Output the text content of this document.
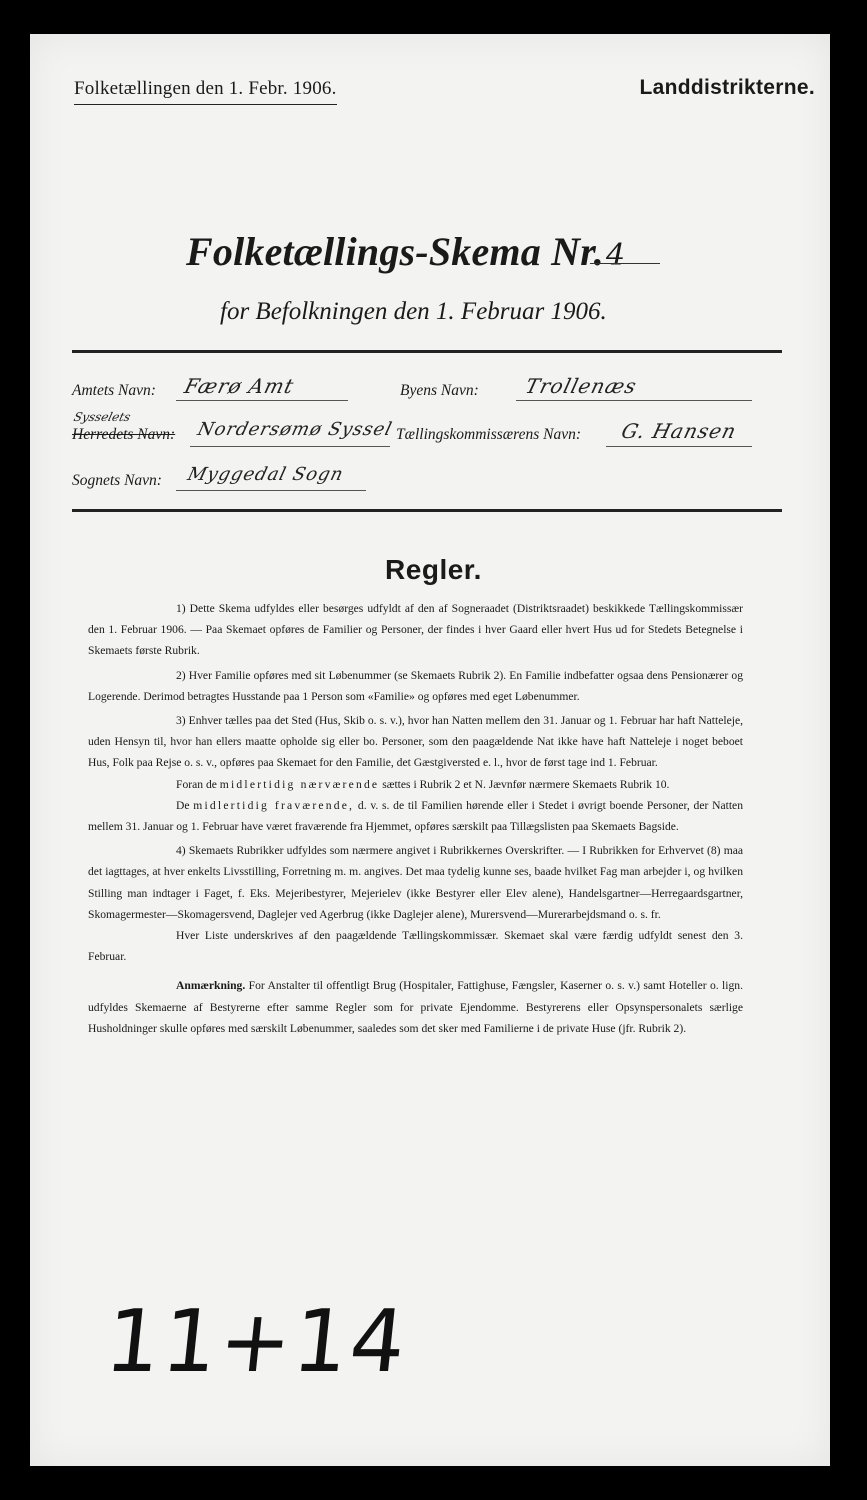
Folketællingen den 1. Febr. 1906.	Landdistrikterne.
Folketællings-Skema Nr.4
for Befolkningen den 1. Februar 1906.
Amtets Navn: Færø Amt	Byens Navn: Trollenæs
Sysselets
Herredets Navn: Nordersømø Syssel Tællingskommissærens Navn: G. Hansen
Sognets Navn: Myggedal Sogn
Regler.

1) Dette Skema udfyldes eller besørges udfyldt af den af Sogneraadet (Distriktsraadet) beskikkede Tællingskommissær den 1. Februar 1906. — Paa Skemaet opføres de Familier og Personer, der findes i hver Gaard eller hvert Hus ud for Stedets Betegnelse i Skemaets første Rubrik.

2) Hver Familie opføres med sit Løbenummer (se Skemaets Rubrik 2). En Familie indbefatter ogsaa dens Pensionærer og Logerende. Derimod betragtes Husstande paa 1 Person som «Familie» og opføres med eget Løbenummer.

3) Enhver tælles paa det Sted (Hus, Skib o. s. v.), hvor han Natten mellem den 31. Januar og 1. Februar har haft Natteleje, uden Hensyn til, hvor han ellers maatte opholde sig eller bo. Personer, som den paagældende Nat ikke have haft Natteleje i noget beboet Hus, Folk paa Rejse o. s. v., opføres paa Skemaet for den Familie, det Gæstgiversted e. l., hvor de først tage ind 1. Februar.

Foran de midlertidig nærværende sættes i Rubrik 2 et N. Jævnfør nærmere Skemaets Rubrik 10.

De midlertidig fraværende, d. v. s. de til Familien hørende eller i Stedet i øvrigt boende Personer, der Natten mellem 31. Januar og 1. Februar have været fraværende fra Hjemmet, opføres særskilt paa Tillægslisten paa Skemaets Bagside.

4) Skemaets Rubrikker udfyldes som nærmere angivet i Rubrikkernes Overskrifter. — I Rubrikken for Erhvervet (8) maa det iagttages, at hver enkelts Livsstilling, Forretning m. m. angives. Det maa tydelig kunne ses, baade hvilket Fag man arbejder i, og hvilken Stilling man indtager i Faget, f. Eks. Mejeribestyrer, Mejerielev (ikke Bestyrer eller Elev alene), Handelsgartner—Herregaardsgartner, Skomagermester—Skomagersvend, Daglejer ved Agerbrug (ikke Daglejer alene), Murersvend—Murerarbejdsmand o. s. fr.

Hver Liste underskrives af den paagældende Tællingskommissær. Skemaet skal være færdig udfyldt senest den 3. Februar.

Anmærkning. For Anstalter til offentligt Brug (Hospitaler, Fattighuse, Fængsler, Kaserner o. s. v.) samt Hoteller o. lign. udfyldes Skemaerne af Bestyrerne efter samme Regler som for private Ejendomme. Bestyrerens eller Opsynspersonalets særlige Husholdninger skulle opføres med særskilt Løbenummer, saaledes som det sker med Familierne i de private Huse (jfr. Rubrik 2).

11+14
